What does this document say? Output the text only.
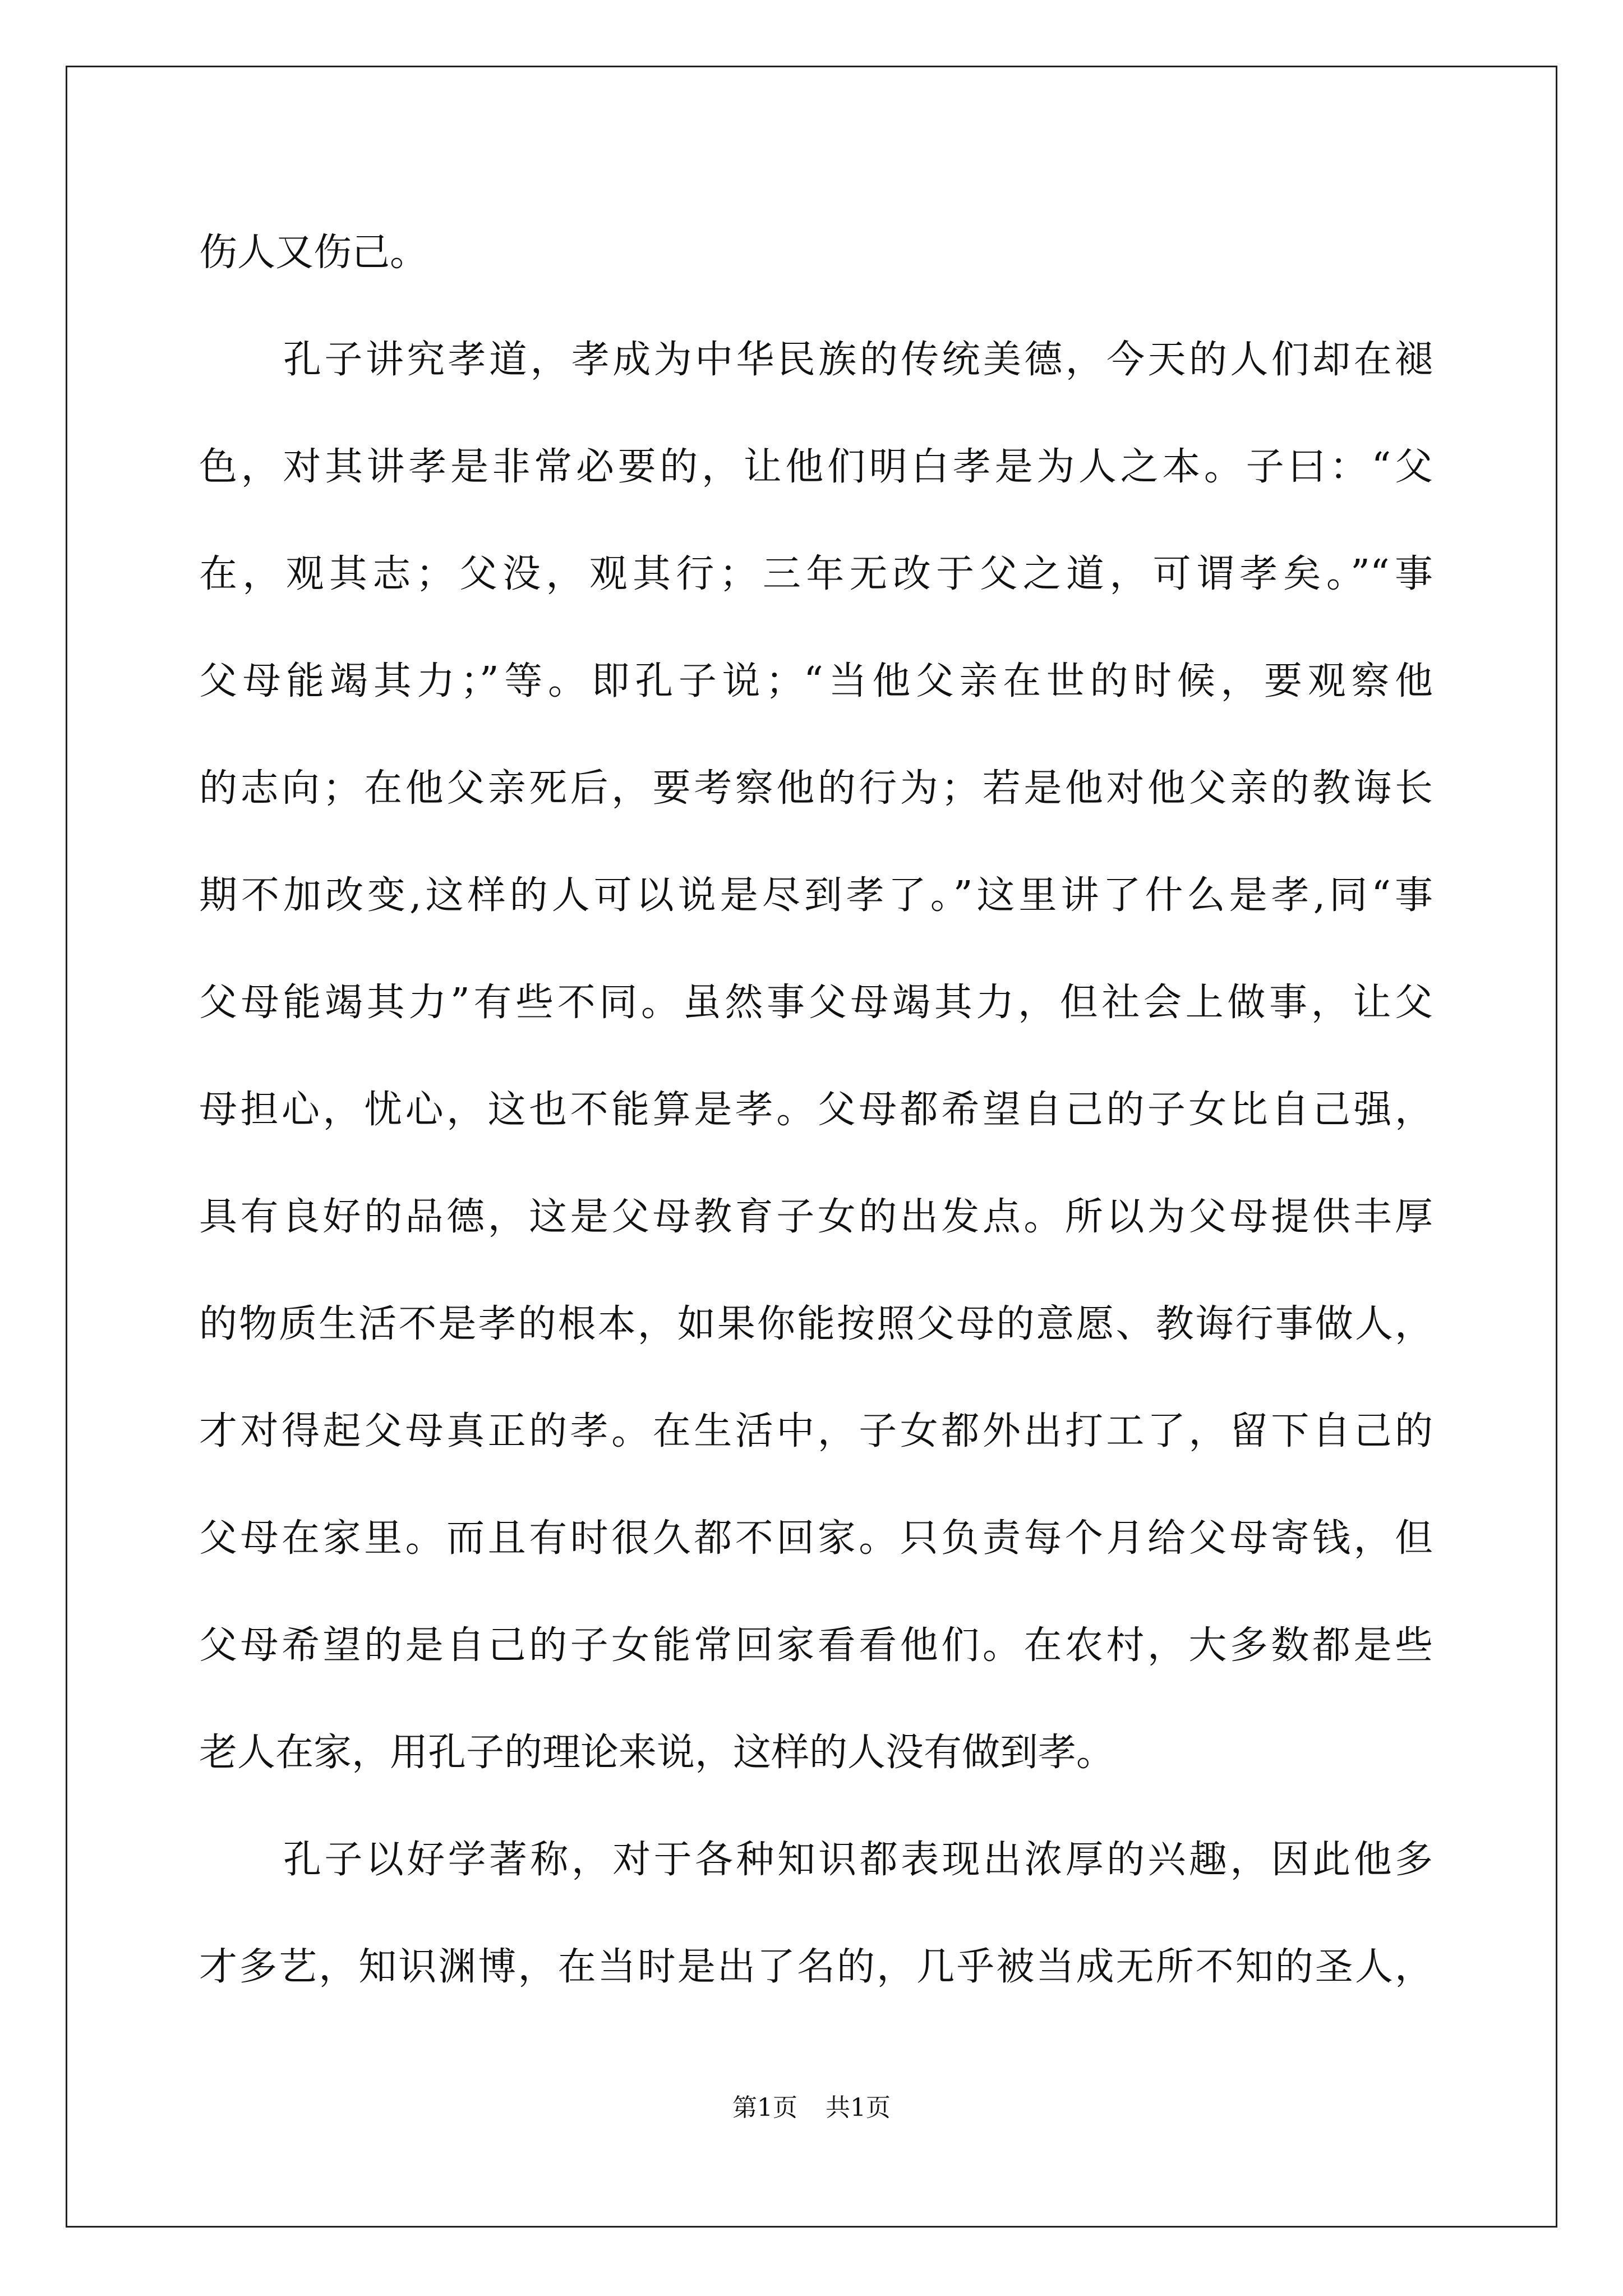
伤人又伤己。
孔子讲究孝道，孝成为中华民族的传统美德，今天的人们却在褪
色，对其讲孝是非常必要的，让他们明白孝是为人之本。子曰：“父
在，观其志；父没，观其行；三年无改于父之道，可谓孝矣。”“事
父母能竭其力；”等。即孔子说；“当他父亲在世的时候，要观察他
的志向；在他父亲死后，要考察他的行为；若是他对他父亲的教诲长
期不加改变,这样的人可以说是尽到孝了。”这里讲了什么是孝,同“事
父母能竭其力”有些不同。虽然事父母竭其力，但社会上做事，让父
母担心，忧心，这也不能算是孝。父母都希望自己的子女比自己强，
具有良好的品德，这是父母教育子女的出发点。所以为父母提供丰厚
的物质生活不是孝的根本，如果你能按照父母的意愿、教诲行事做人，
才对得起父母真正的孝。在生活中，子女都外出打工了，留下自己的
父母在家里。而且有时很久都不回家。只负责每个月给父母寄钱，但
父母希望的是自己的子女能常回家看看他们。在农村，大多数都是些
老人在家，用孔子的理论来说，这样的人没有做到孝。
孔子以好学著称，对于各种知识都表现出浓厚的兴趣，因此他多
才多艺，知识渊博，在当时是出了名的，几乎被当成无所不知的圣人，
第1页 共1页
